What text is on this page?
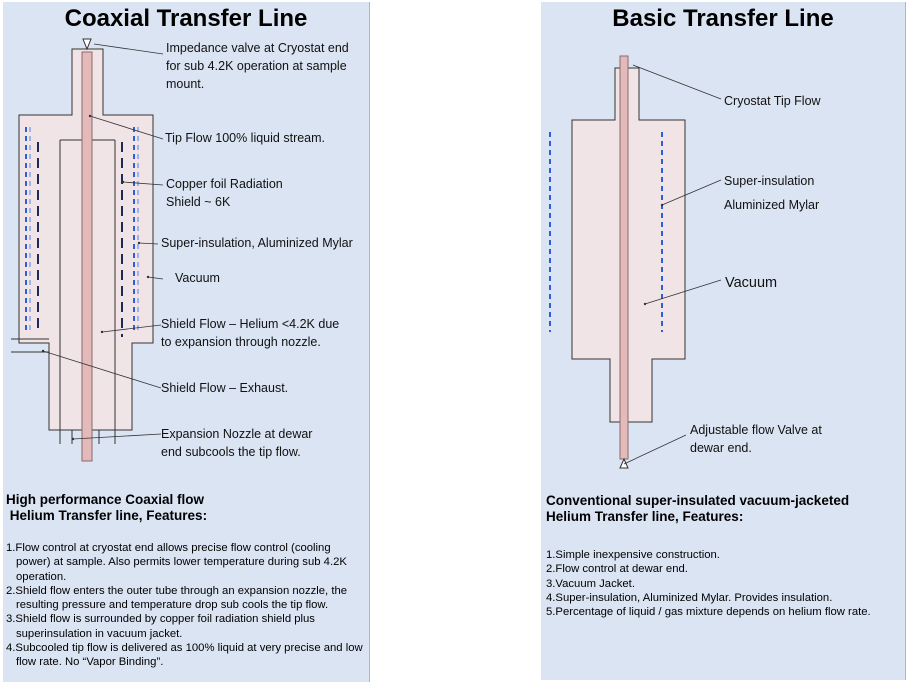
Coaxial Transfer Line
Impedance valve at Cryostat end
for sub 4.2K operation at sample
mount.
Tip Flow 100% liquid stream.
Copper foil Radiation
Shield ~ 6K
Super-insulation, Aluminized Mylar
Vacuum
Shield Flow – Helium <4.2K due
to expansion through nozzle.
Shield Flow – Exhaust.
Expansion Nozzle at dewar
end subcools the tip flow.
High performance Coaxial flow
Helium Transfer line, Features:
1.Flow control at cryostat end allows precise flow control (cooling power) at sample. Also permits lower temperature during sub 4.2K operation.
2.Shield flow enters the outer tube through an expansion nozzle, the resulting pressure and temperature drop sub cools the tip flow.
3.Shield flow is surrounded by copper foil radiation shield plus superinsulation in vacuum jacket.
4.Subcooled tip flow is delivered as 100% liquid at very precise and low flow rate. No “Vapor Binding”.
Basic Transfer Line
Cryostat Tip Flow
Super-insulation
Aluminized Mylar
Vacuum
Adjustable flow Valve at
dewar end.
Conventional super-insulated vacuum-jacketed
Helium Transfer line, Features:
1.Simple inexpensive construction.
2.Flow control at dewar end.
3.Vacuum Jacket.
4.Super-insulation, Aluminized Mylar. Provides insulation.
5.Percentage of liquid / gas mixture depends on helium flow rate.
